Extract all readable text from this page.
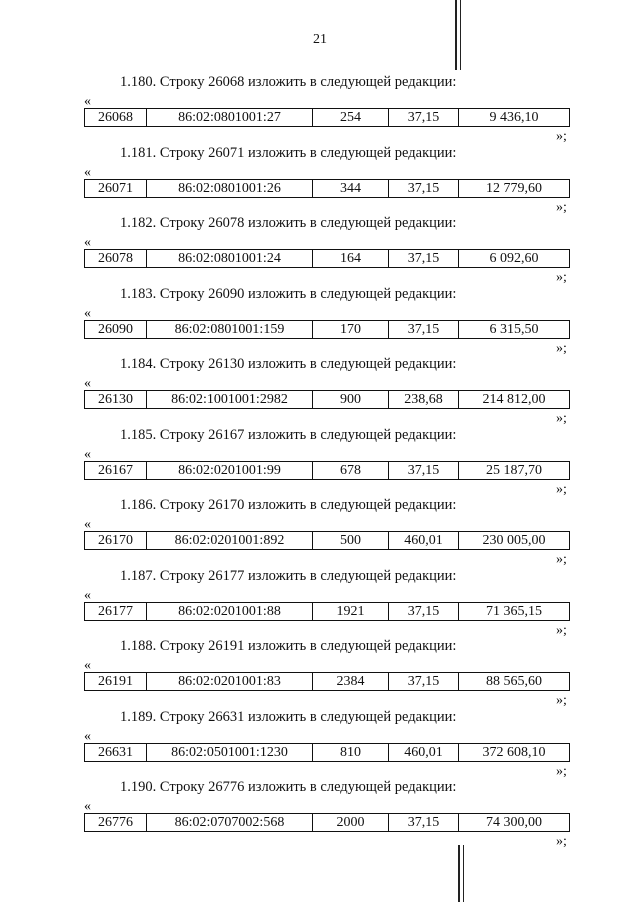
21
1.180. Строку 26068 изложить в следующей редакции:
«
26068	86:02:0801001:27	254	37,15	9 436,10
»;
1.181. Строку 26071 изложить в следующей редакции:
«
26071	86:02:0801001:26	344	37,15	12 779,60
»;
1.182. Строку 26078 изложить в следующей редакции:
«
26078	86:02:0801001:24	164	37,15	6 092,60
»;
1.183. Строку 26090 изложить в следующей редакции:
«
26090	86:02:0801001:159	170	37,15	6 315,50
»;
1.184. Строку 26130 изложить в следующей редакции:
«
26130	86:02:1001001:2982	900	238,68	214 812,00
»;
1.185. Строку 26167 изложить в следующей редакции:
«
26167	86:02:0201001:99	678	37,15	25 187,70
»;
1.186. Строку 26170 изложить в следующей редакции:
«
26170	86:02:0201001:892	500	460,01	230 005,00
»;
1.187. Строку 26177 изложить в следующей редакции:
«
26177	86:02:0201001:88	1921	37,15	71 365,15
»;
1.188. Строку 26191 изложить в следующей редакции:
«
26191	86:02:0201001:83	2384	37,15	88 565,60
»;
1.189. Строку 26631 изложить в следующей редакции:
«
26631	86:02:0501001:1230	810	460,01	372 608,10
»;
1.190. Строку 26776 изложить в следующей редакции:
«
26776	86:02:0707002:568	2000	37,15	74 300,00
»;
